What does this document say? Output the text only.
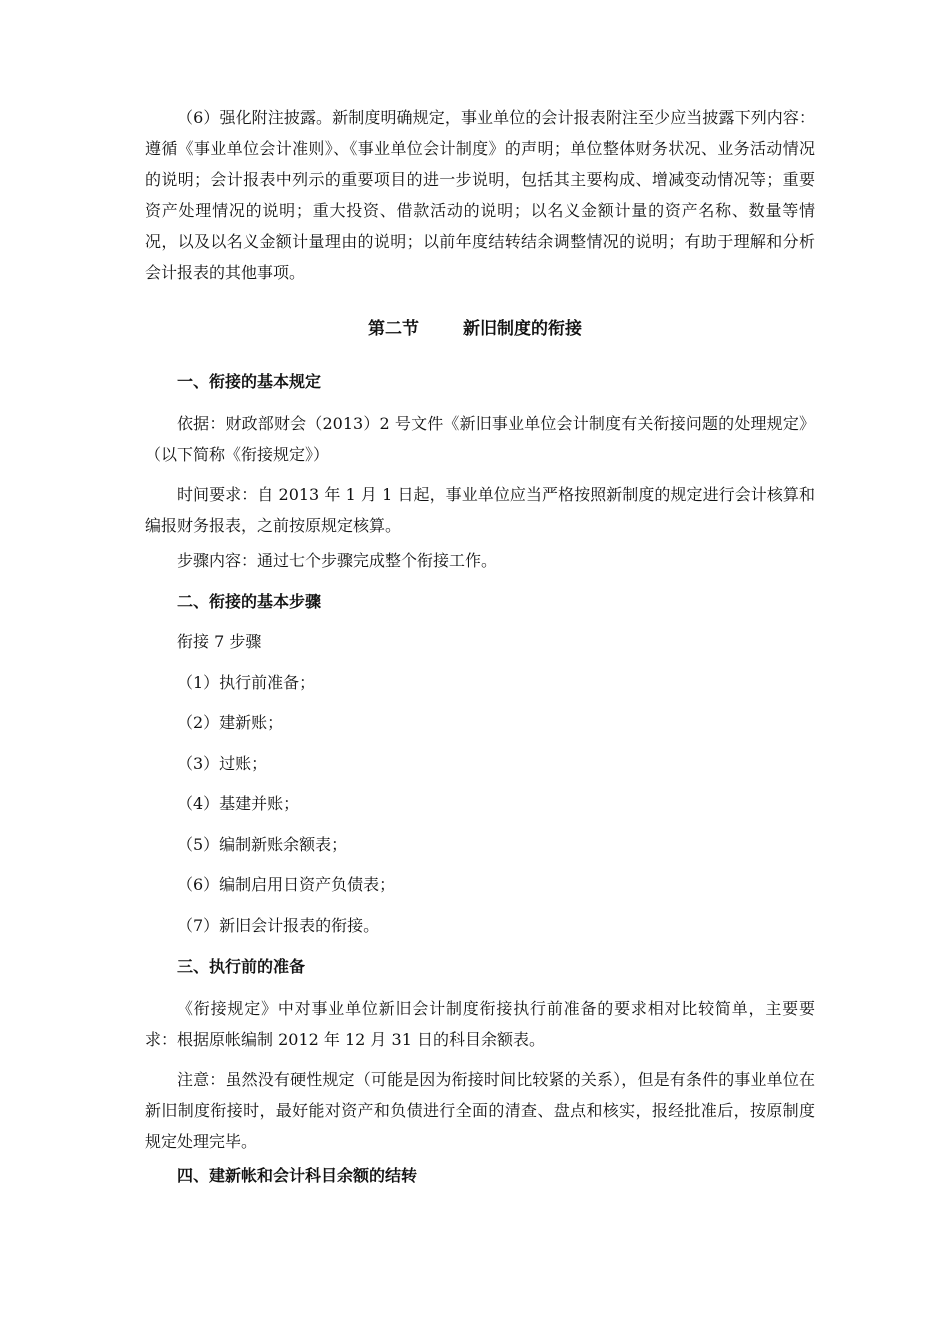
（6）强化附注披露。新制度明确规定，事业单位的会计报表附注至少应当披露下列内容：遵循《事业单位会计准则》、《事业单位会计制度》的声明；单位整体财务状况、业务活动情况的说明；会计报表中列示的重要项目的进一步说明，包括其主要构成、增减变动情况等；重要资产处理情况的说明；重大投资、借款活动的说明；以名义金额计量的资产名称、数量等情况，以及以名义金额计量理由的说明；以前年度结转结余调整情况的说明；有助于理解和分析会计报表的其他事项。
第二节	新旧制度的衔接
一、衔接的基本规定
依据：财政部财会（2013）2 号文件《新旧事业单位会计制度有关衔接问题的处理规定》（以下简称《衔接规定》）
时间要求：自 2013 年 1 月 1 日起，事业单位应当严格按照新制度的规定进行会计核算和编报财务报表，之前按原规定核算。
步骤内容：通过七个步骤完成整个衔接工作。
二、衔接的基本步骤
衔接 7 步骤
（1）执行前准备；
（2）建新账；
（3）过账；
（4）基建并账；
（5）编制新账余额表；
（6）编制启用日资产负债表；
（7）新旧会计报表的衔接。
三、执行前的准备
《衔接规定》中对事业单位新旧会计制度衔接执行前准备的要求相对比较简单，主要要求：根据原帐编制 2012 年 12 月 31 日的科目余额表。
注意：虽然没有硬性规定（可能是因为衔接时间比较紧的关系），但是有条件的事业单位在新旧制度衔接时，最好能对资产和负债进行全面的清查、盘点和核实，报经批准后，按原制度规定处理完毕。
四、建新帐和会计科目余额的结转
